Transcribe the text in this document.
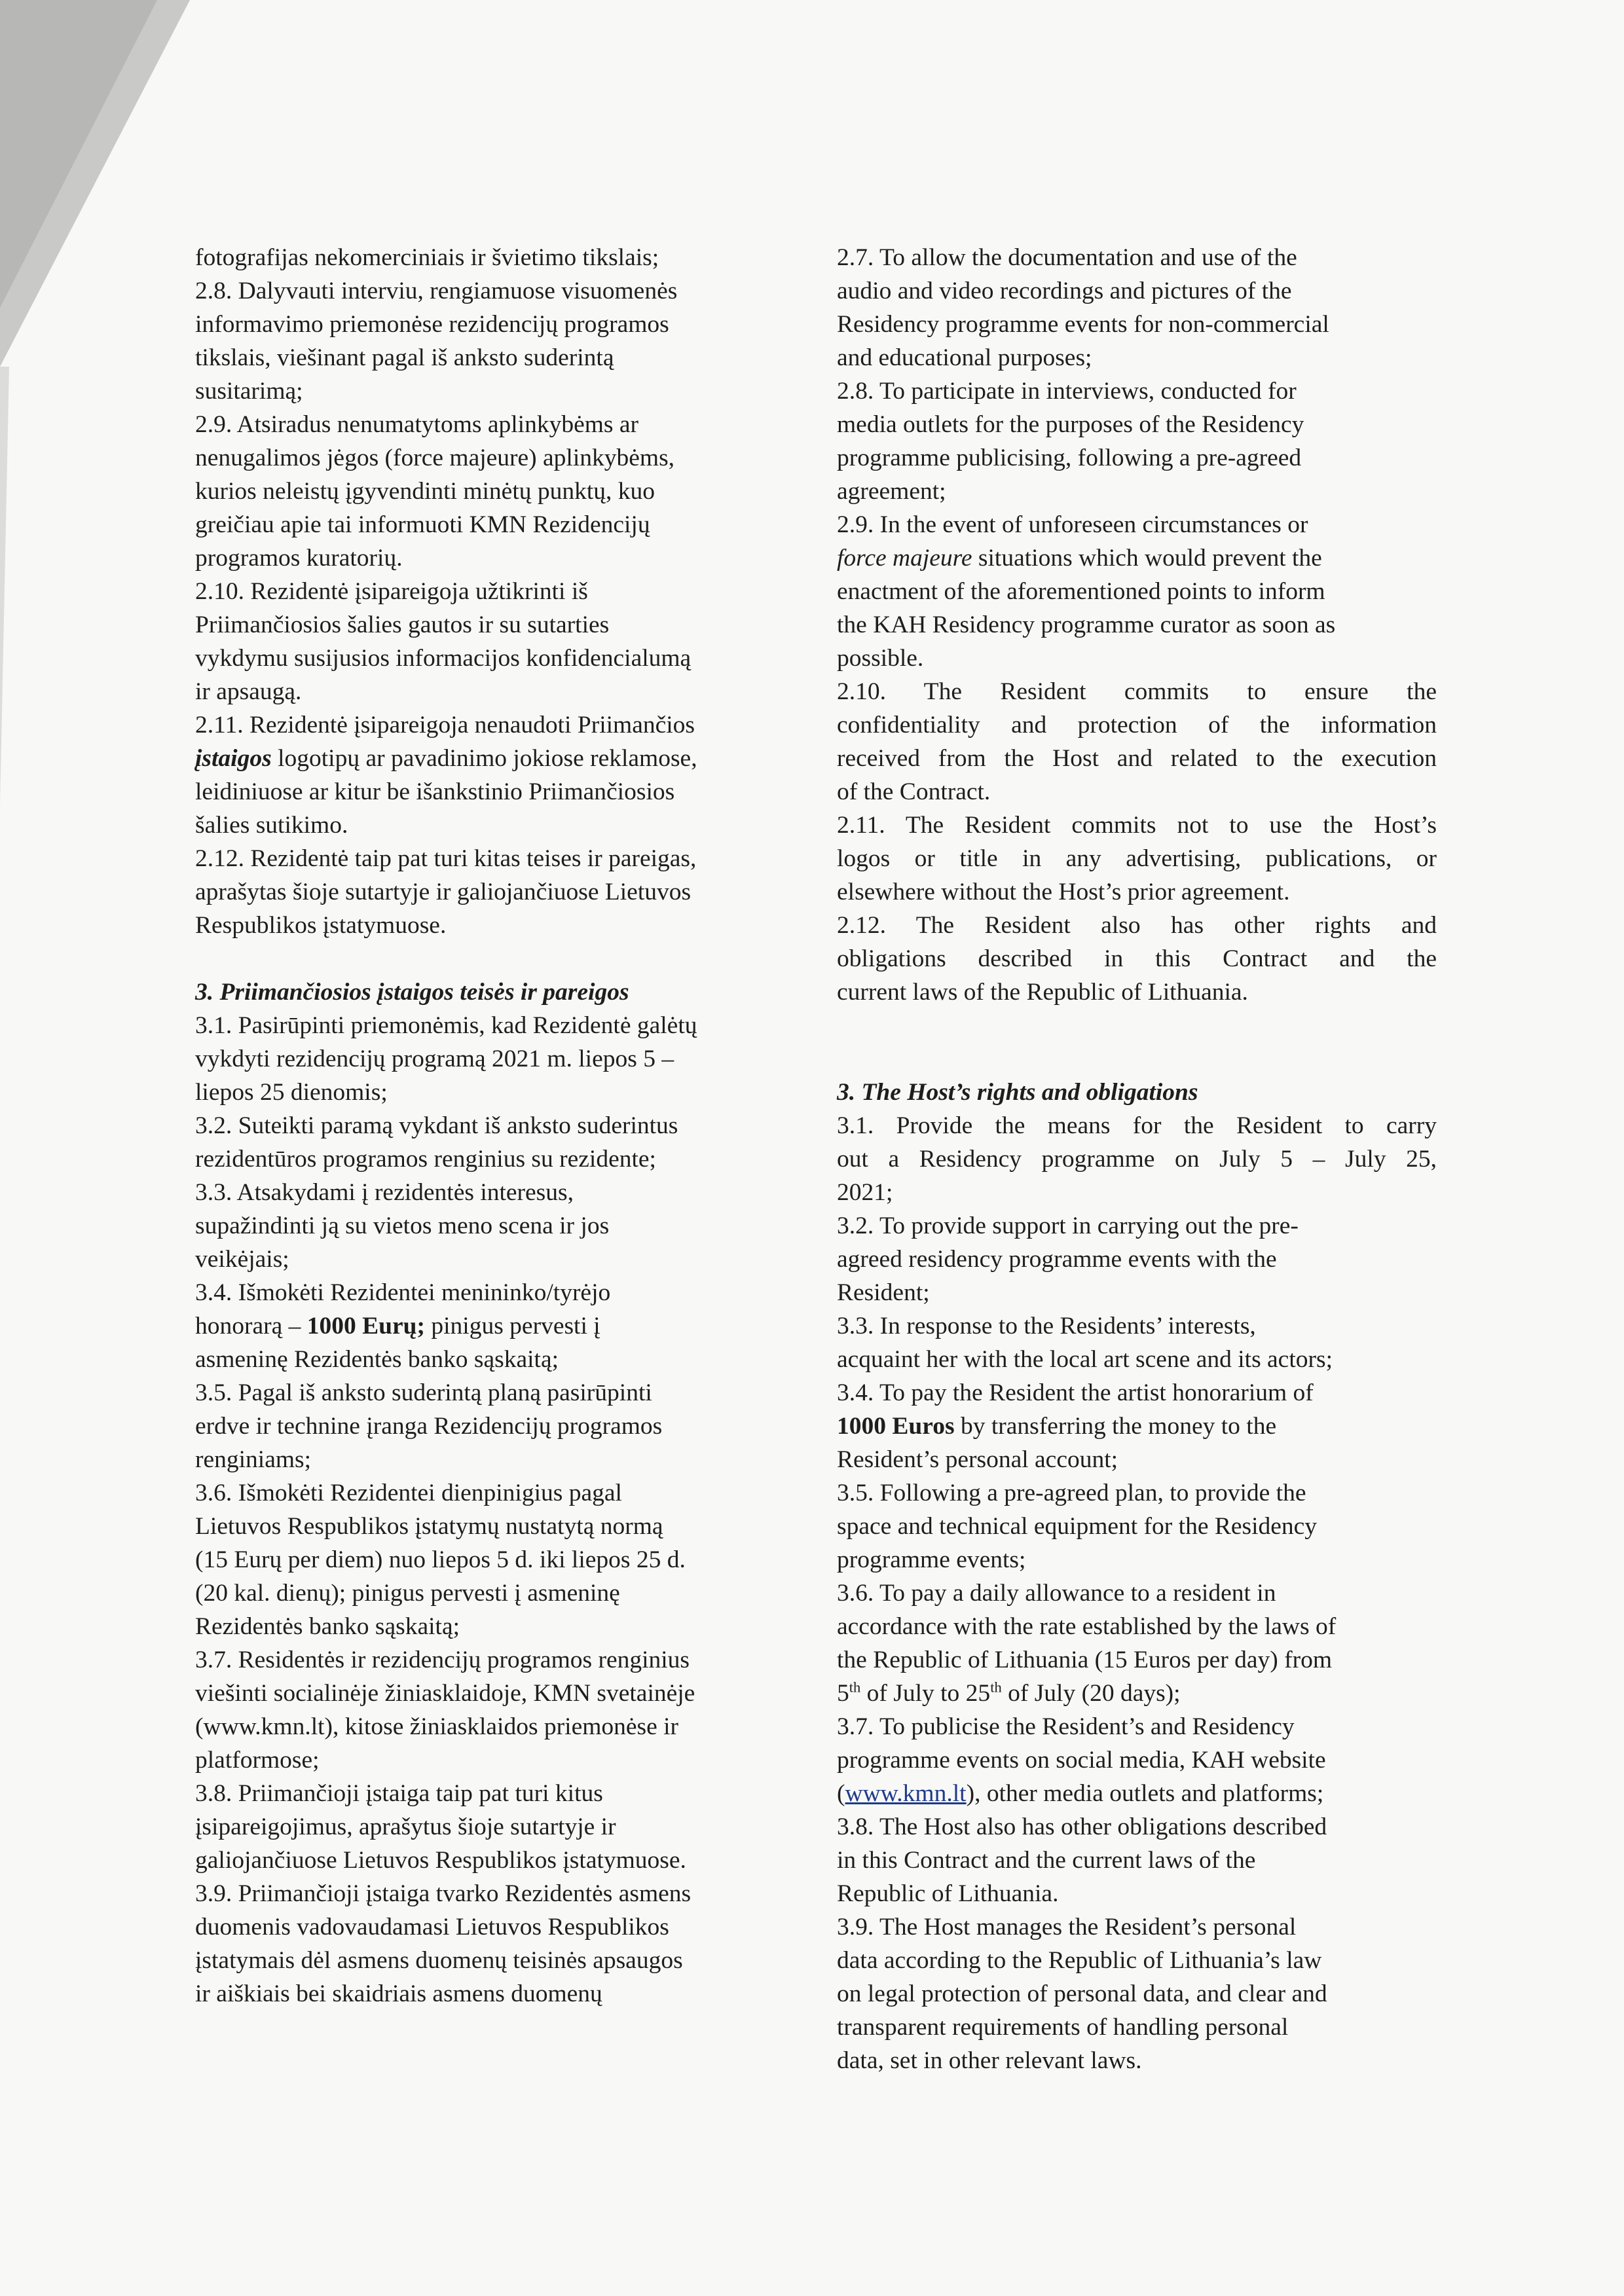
fotografijas nekomerciniais ir švietimo tikslais;
2.8. Dalyvauti interviu, rengiamuose visuomenės
informavimo priemonėse rezidencijų programos
tikslais, viešinant pagal iš anksto suderintą
susitarimą;
2.9. Atsiradus nenumatytoms aplinkybėms ar
nenugalimos jėgos (force majeure) aplinkybėms,
kurios neleistų įgyvendinti minėtų punktų, kuo
greičiau apie tai informuoti KMN Rezidencijų
programos kuratorių.
2.10. Rezidentė įsipareigoja užtikrinti iš
Priimančiosios šalies gautos ir su sutarties
vykdymu susijusios informacijos konfidencialumą
ir apsaugą.
2.11. Rezidentė įsipareigoja nenaudoti Priimančios
įstaigos logotipų ar pavadinimo jokiose reklamose,
leidiniuose ar kitur be išankstinio Priimančiosios
šalies sutikimo.
2.12. Rezidentė taip pat turi kitas teises ir pareigas,
aprašytas šioje sutartyje ir galiojančiuose Lietuvos
Respublikos įstatymuose.
3. Priimančiosios įstaigos teisės ir pareigos
3.1. Pasirūpinti priemonėmis, kad Rezidentė galėtų
vykdyti rezidencijų programą 2021 m. liepos 5 –
liepos 25 dienomis;
3.2. Suteikti paramą vykdant iš anksto suderintus
rezidentūros programos renginius su rezidente;
3.3. Atsakydami į rezidentės interesus,
supažindinti ją su vietos meno scena ir jos
veikėjais;
3.4. Išmokėti Rezidentei menininko/tyrėjo
honorarą – 1000 Eurų; pinigus pervesti į
asmeninę Rezidentės banko sąskaitą;
3.5. Pagal iš anksto suderintą planą pasirūpinti
erdve ir technine įranga Rezidencijų programos
renginiams;
3.6. Išmokėti Rezidentei dienpinigius pagal
Lietuvos Respublikos įstatymų nustatytą normą
(15 Eurų per diem) nuo liepos 5 d. iki liepos 25 d.
(20 kal. dienų); pinigus pervesti į asmeninę
Rezidentės banko sąskaitą;
3.7. Residentės ir rezidencijų programos renginius
viešinti socialinėje žiniasklaidoje, KMN svetainėje
(www.kmn.lt), kitose žiniasklaidos priemonėse ir
platformose;
3.8. Priimančioji įstaiga taip pat turi kitus
įsipareigojimus, aprašytus šioje sutartyje ir
galiojančiuose Lietuvos Respublikos įstatymuose.
3.9. Priimančioji įstaiga tvarko Rezidentės asmens
duomenis vadovaudamasi Lietuvos Respublikos
įstatymais dėl asmens duomenų teisinės apsaugos
ir aiškiais bei skaidriais asmens duomenų
2.7. To allow the documentation and use of the
audio and video recordings and pictures of the
Residency programme events for non-commercial
and educational purposes;
2.8. To participate in interviews, conducted for
media outlets for the purposes of the Residency
programme publicising, following a pre-agreed
agreement;
2.9. In the event of unforeseen circumstances or
force majeure situations which would prevent the
enactment of the aforementioned points to inform
the KAH Residency programme curator as soon as
possible.
2.10. The Resident commits to ensure the
confidentiality and protection of the information
received from the Host and related to the execution
of the Contract.
2.11. The Resident commits not to use the Host’s
logos or title in any advertising, publications, or
elsewhere without the Host’s prior agreement.
2.12. The Resident also has other rights and
obligations described in this Contract and the
current laws of the Republic of Lithuania.
3. The Host’s rights and obligations
3.1. Provide the means for the Resident to carry
out a Residency programme on July 5 – July 25,
2021;
3.2. To provide support in carrying out the pre-
agreed residency programme events with the
Resident;
3.3. In response to the Residents’ interests,
acquaint her with the local art scene and its actors;
3.4. To pay the Resident the artist honorarium of
1000 Euros by transferring the money to the
Resident’s personal account;
3.5. Following a pre-agreed plan, to provide the
space and technical equipment for the Residency
programme events;
3.6. To pay a daily allowance to a resident in
accordance with the rate established by the laws of
the Republic of Lithuania (15 Euros per day) from
5th of July to 25th of July (20 days);
3.7. To publicise the Resident’s and Residency
programme events on social media, KAH website
(www.kmn.lt), other media outlets and platforms;
3.8. The Host also has other obligations described
in this Contract and the current laws of the
Republic of Lithuania.
3.9. The Host manages the Resident’s personal
data according to the Republic of Lithuania’s law
on legal protection of personal data, and clear and
transparent requirements of handling personal
data, set in other relevant laws.
